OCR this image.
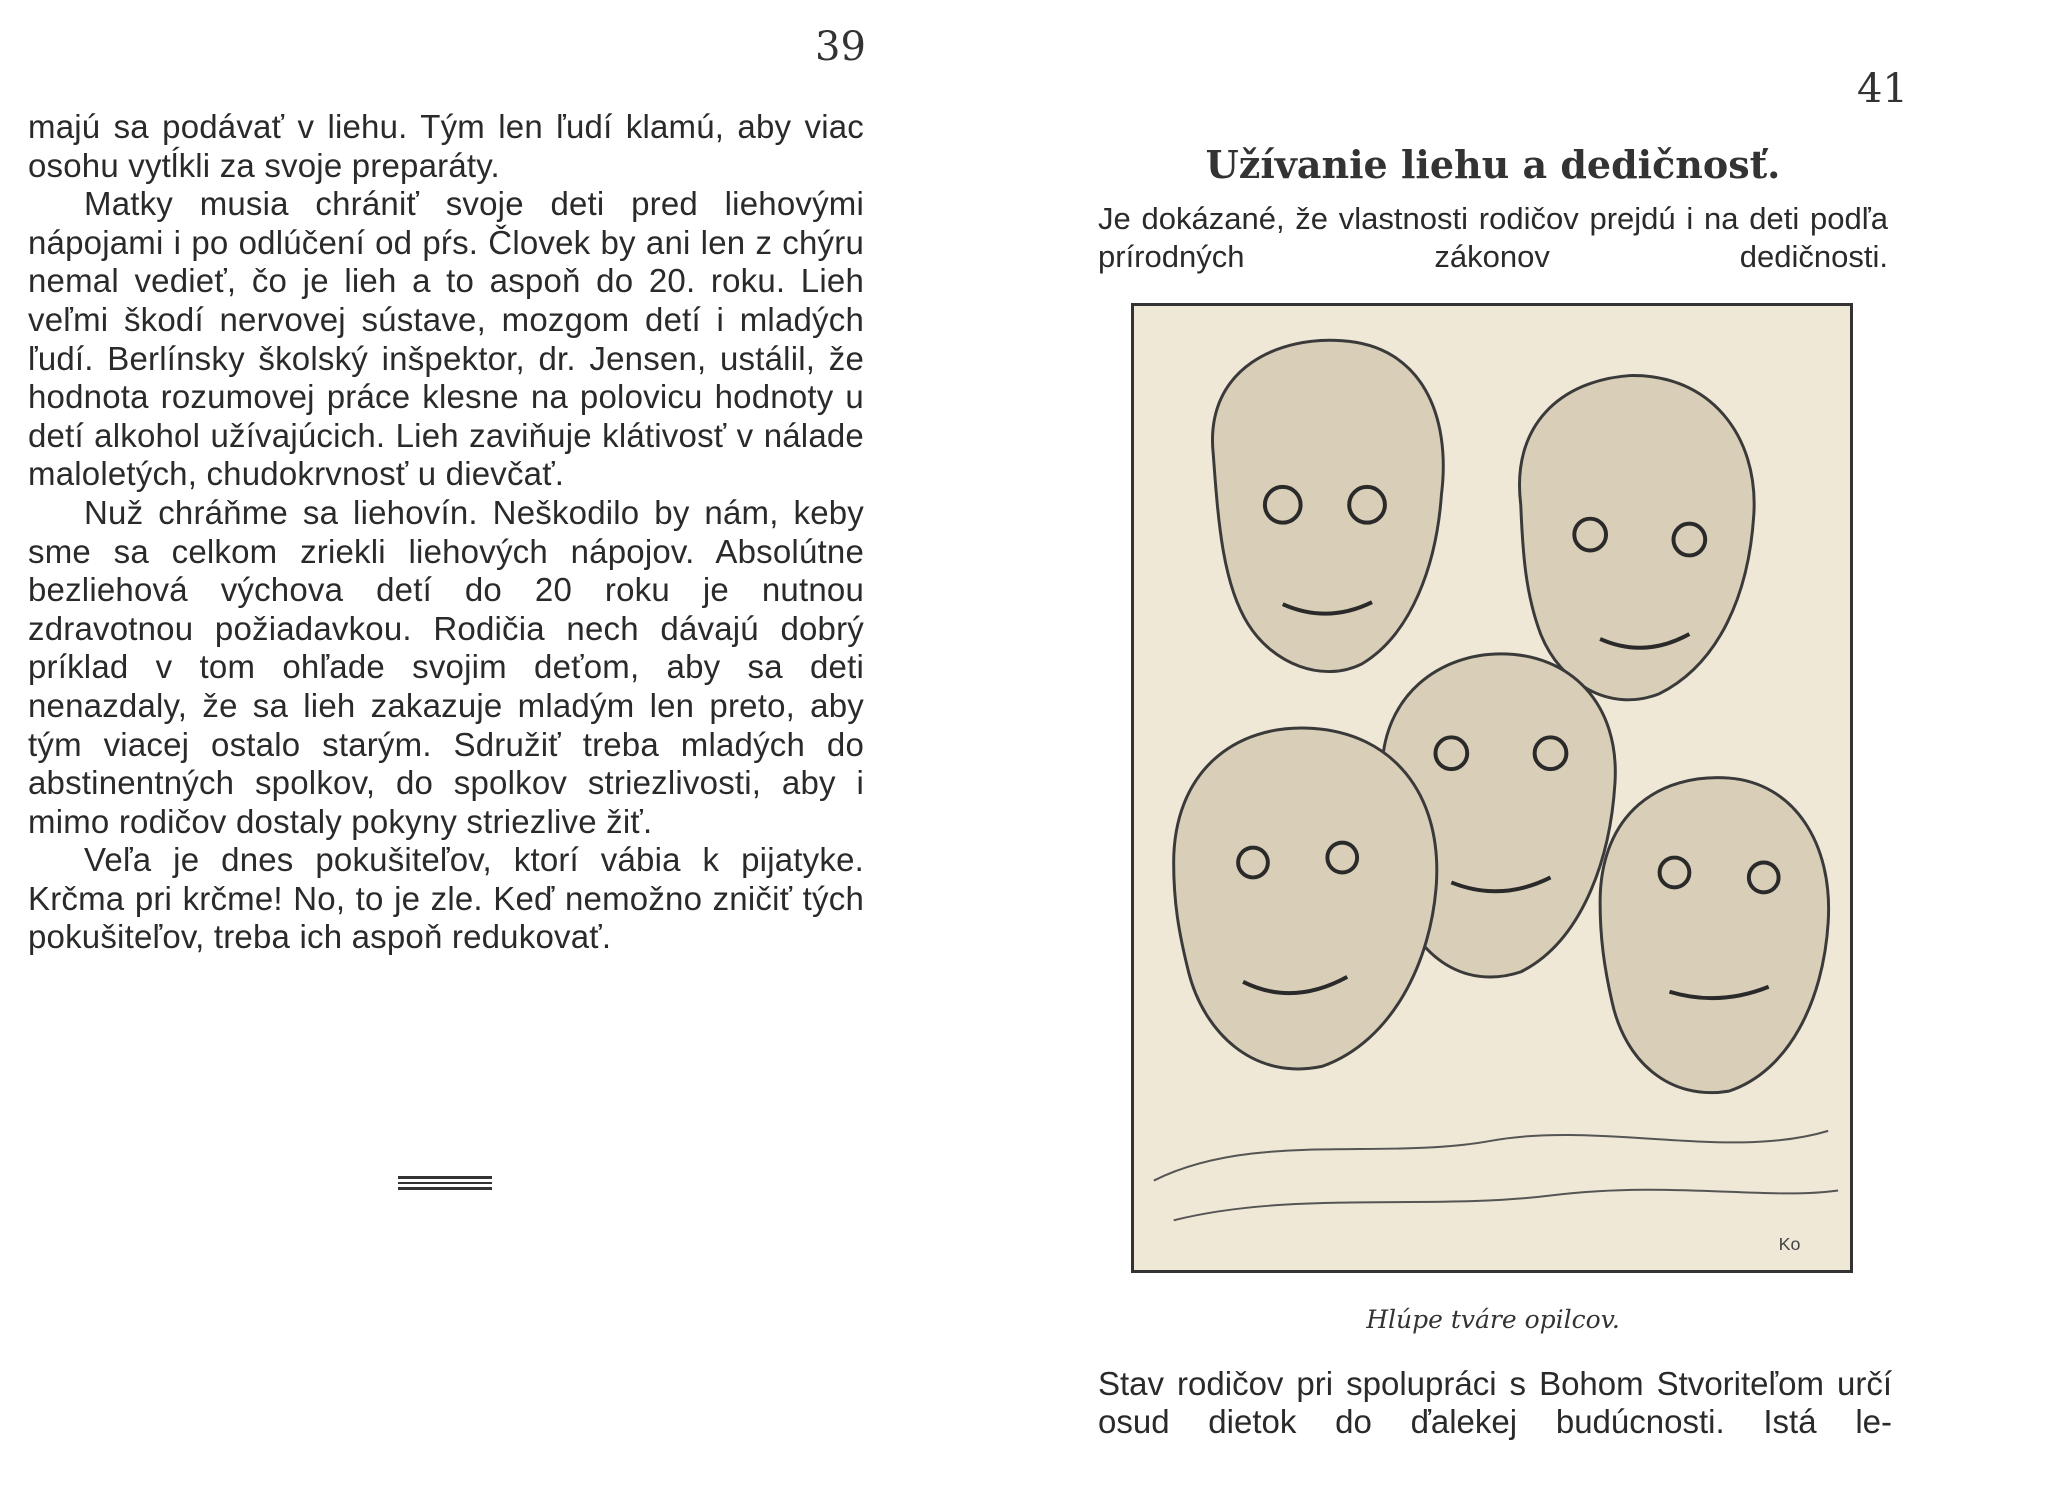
39

majú sa podávať v liehu. Tým len ľudí klamú, aby viac osohu vytĺkli za svoje preparáty.

Matky musia chrániť svoje deti pred liehovými nápojami i po odlúčení od pŕs. Človek by ani len z chýru nemal vedieť, čo je lieh a to aspoň do 20. roku. Lieh veľmi škodí nervovej sústave, mozgom detí i mladých ľudí. Berlínsky školský inšpektor, dr. Jensen, ustálil, že hodnota rozumovej práce klesne na polovicu hodnoty u detí alkohol užívajúcich. Lieh zaviňuje klátivosť v nálade maloletých, chudokrvnosť u dievčať.

Nuž chráňme sa liehovín. Neškodilo by nám, keby sme sa celkom zriekli liehových nápojov. Absolútne bezliehová výchova detí do 20 roku je nutnou zdravotnou požiadavkou. Rodičia nech dávajú dobrý príklad v tom ohľade svojim deťom, aby sa deti nenazdaly, že sa lieh zakazuje mladým len preto, aby tým viacej ostalo starým. Sdružiť treba mladých do abstinentných spolkov, do spolkov striezlivosti, aby i mimo rodičov dostaly pokyny striezlive žiť.

Veľa je dnes pokušiteľov, ktorí vábia k pijatyke. Krčma pri krčme! No, to je zle. Keď nemožno zničiť tých pokušiteľov, treba ich aspoň redukovať.

41
Užívanie liehu a dedičnosť.
Je dokázané, že vlastnosti rodičov prejdú i na deti podľa prírodných zákonov dedičnosti.
Ko
Hlúpe tváre opilcov.
Stav rodičov pri spolupráci s Bohom Stvoriteľom určí osud dietok do ďalekej budúcnosti. Istá le-
